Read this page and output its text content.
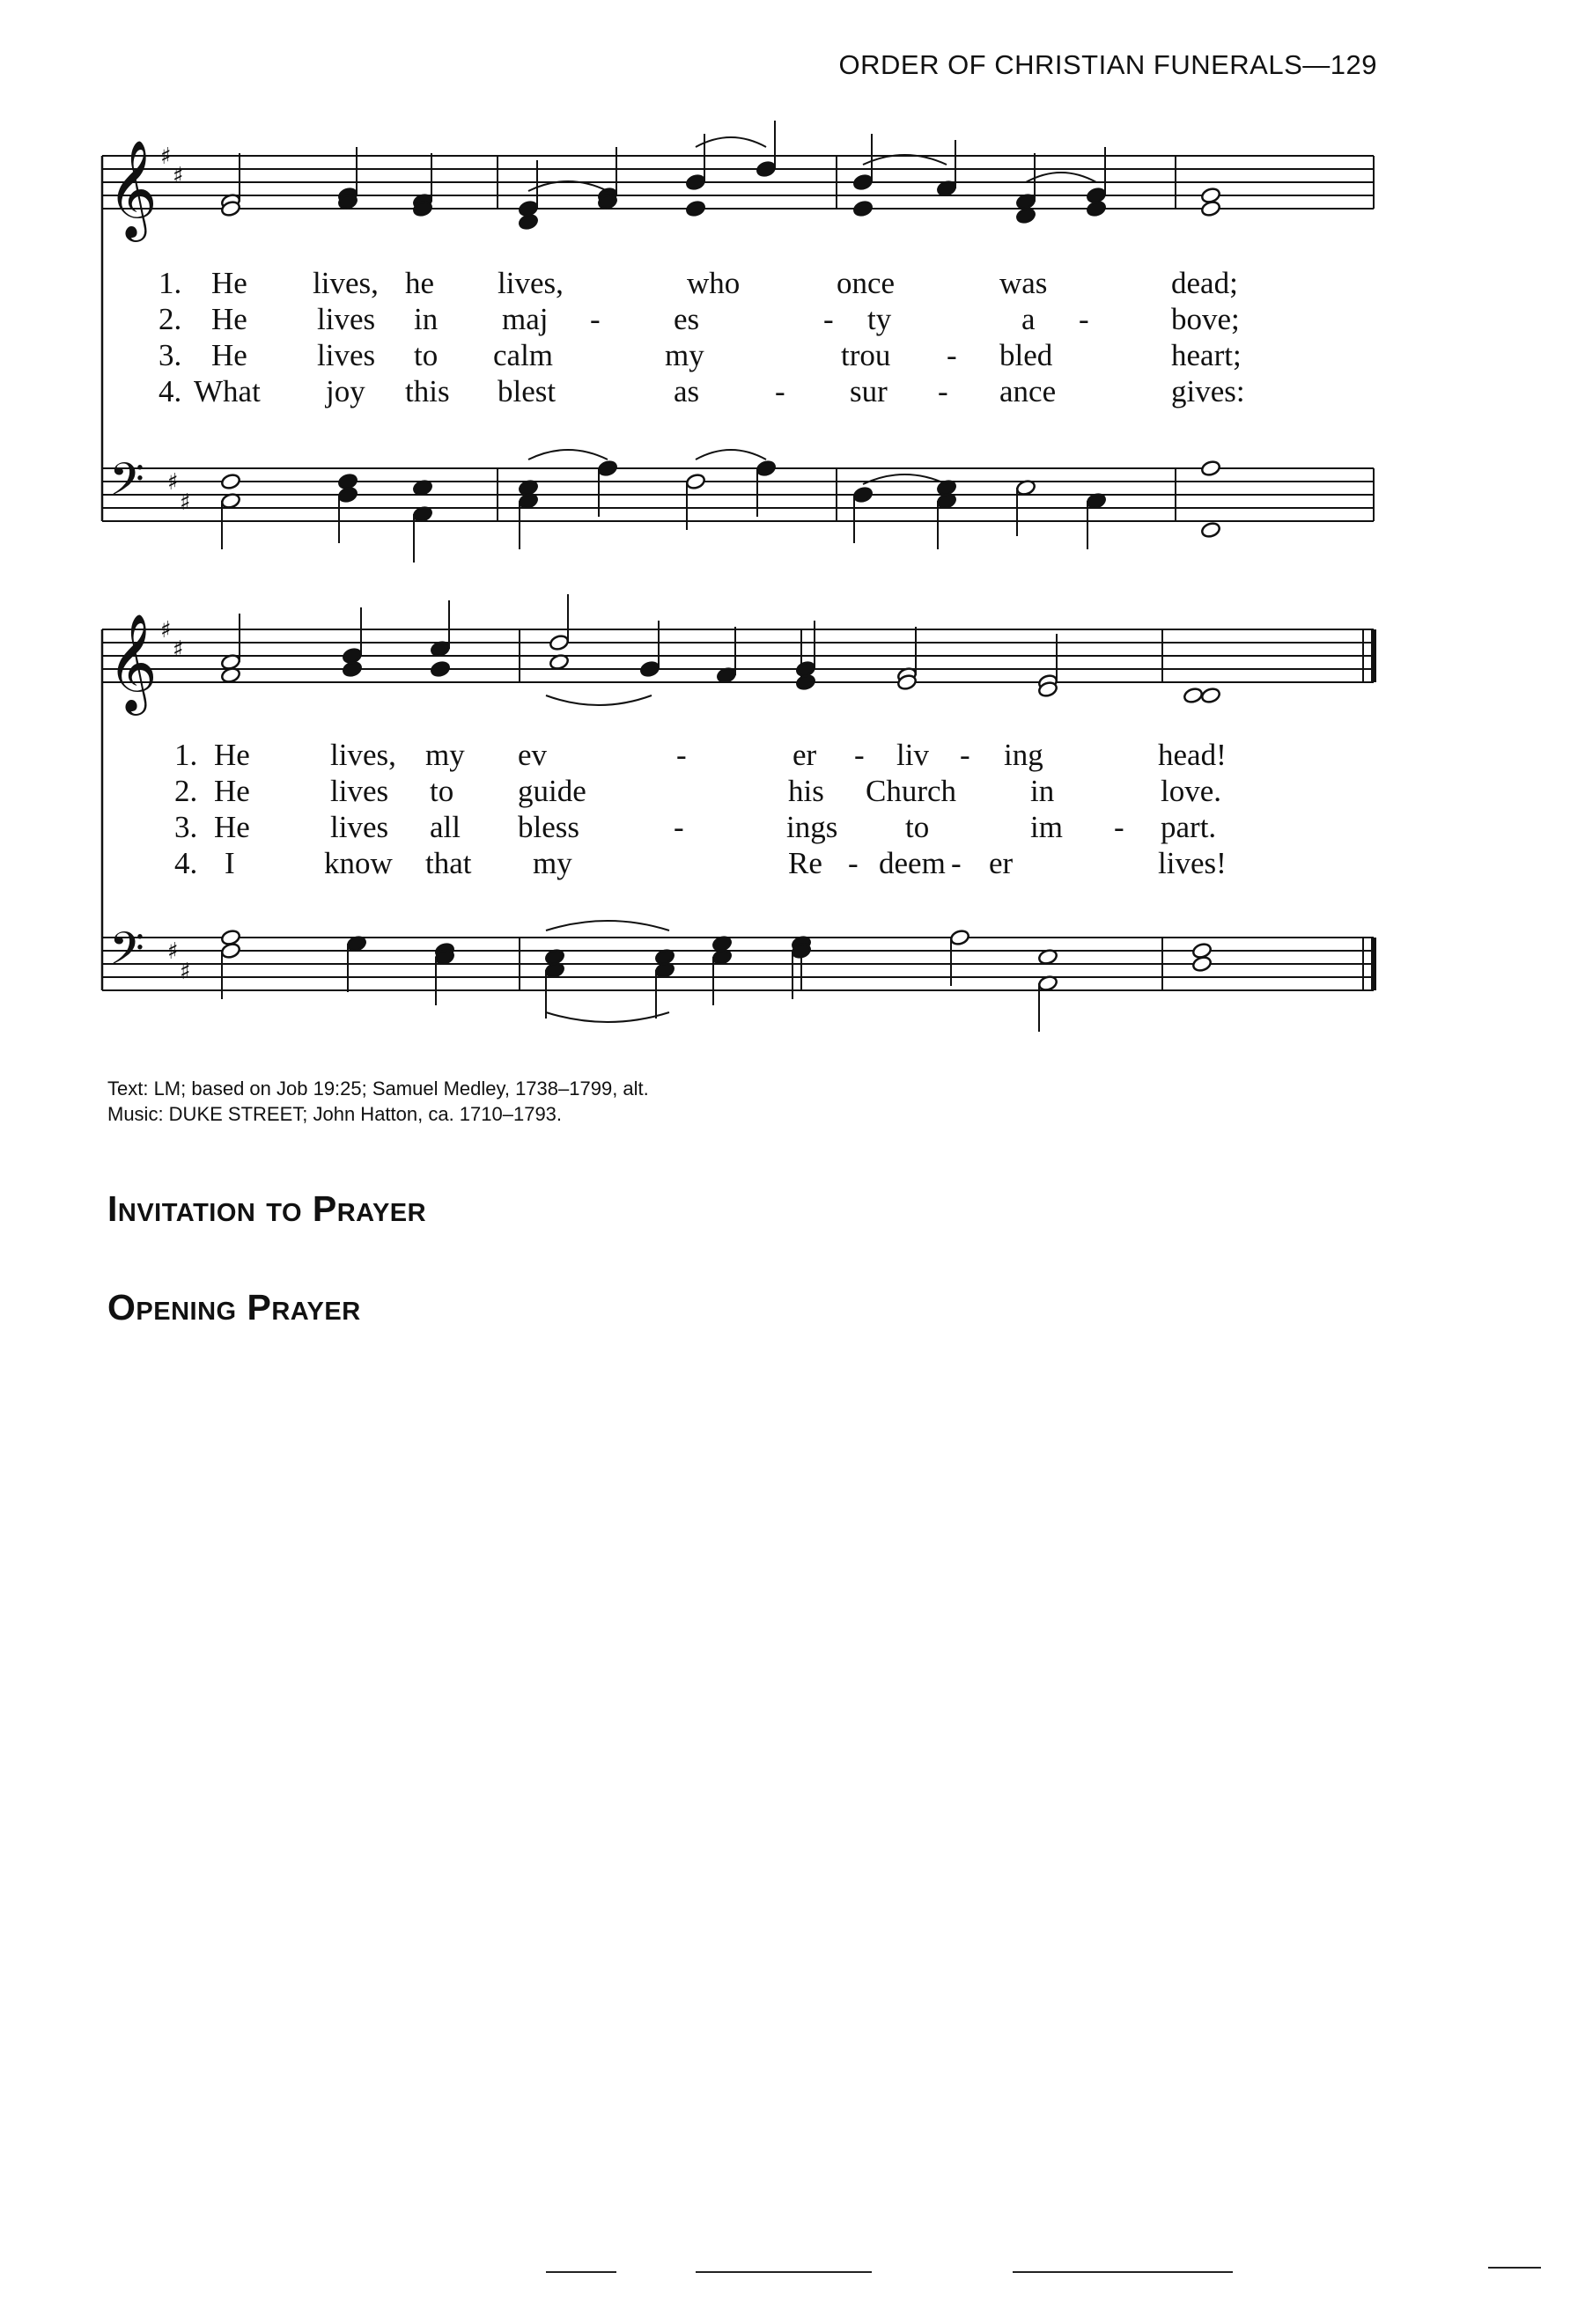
ORDER OF CHRISTIAN FUNERALS—129
𝄞
𝄢
♯
♯
♯
♯
𝄞
𝄢
♯
♯
♯
♯
1. He lives, he lives,	who	once	was	dead;
2. He lives in maj - es	- ty	a -	bove;
3. He lives to calm	my	trou - bled	heart;
4. What joy this blest	as - sur - ance	gives:
1. He	lives, my ev	-	er - liv - ing	head!
2. He	lives to guide	his Church in	love.
3. He	lives all bless	-	ings to	im - part.
4. I	know that my	Re - deem - er	lives!
Text: LM; based on Job 19:25; Samuel Medley, 1738–1799, alt.
Music: DUKE STREET; John Hatton, ca. 1710–1793.
Invitation to Prayer
Opening Prayer
